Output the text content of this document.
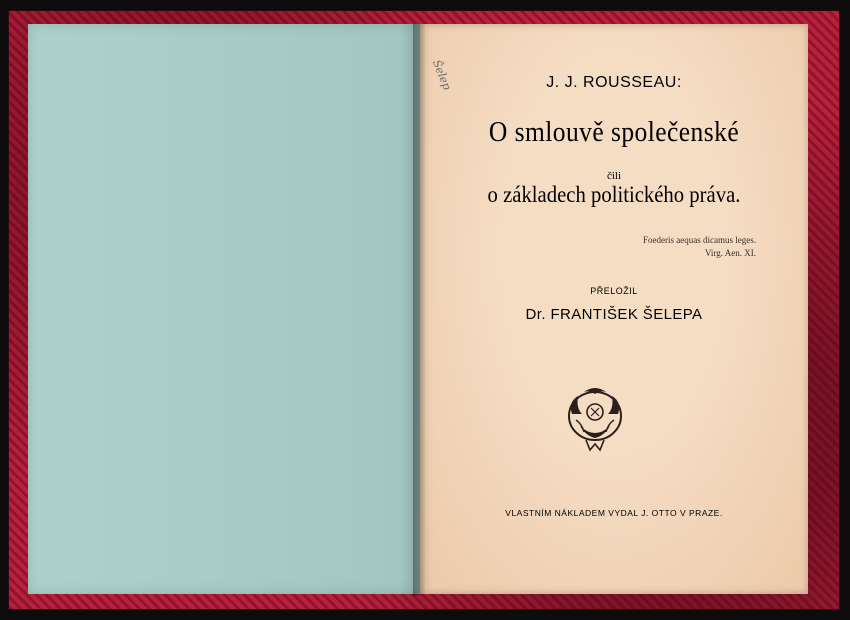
Šelep	J. J. ROUSSEAU:
O smlouvě společenské
čili
o základech politického práva.
Foederis aequas dicamus leges.
Virg. Aen. XI.
PŘELOŽIL
Dr. FRANTIŠEK ŠELEPA
VLASTNÍM NÁKLADEM VYDAL J. OTTO V PRAZE.
